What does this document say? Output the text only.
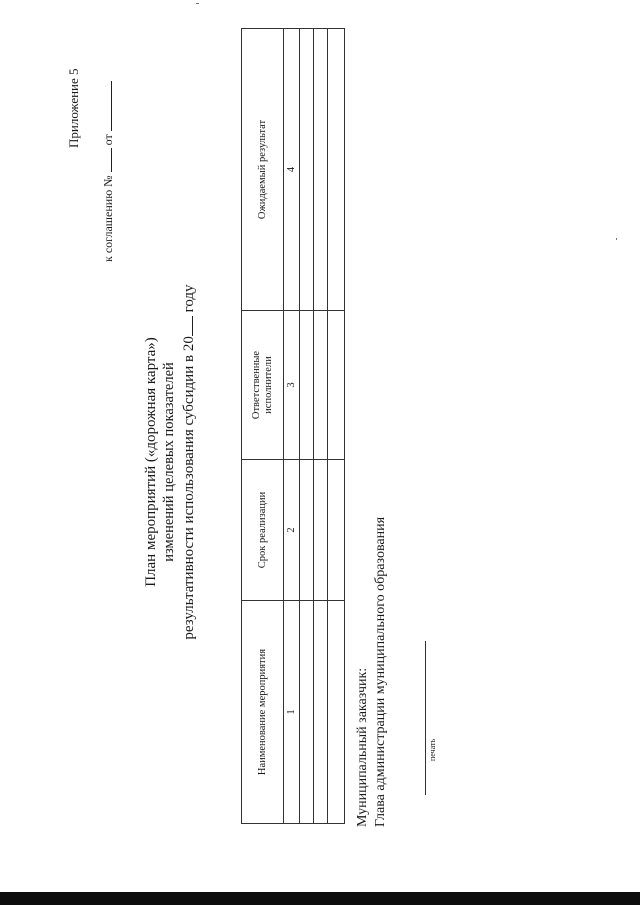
Приложение 5
к соглашению №  от
План мероприятий («дорожная карта») изменений целевых показателей результативности использования субсидии в 20 году
Наименование мероприятия	Срок реализации	Ответственные исполнители	Ожидаемый результат
1	2	3	4

Муниципальный заказчик: Глава администрации муниципального образования	печать
